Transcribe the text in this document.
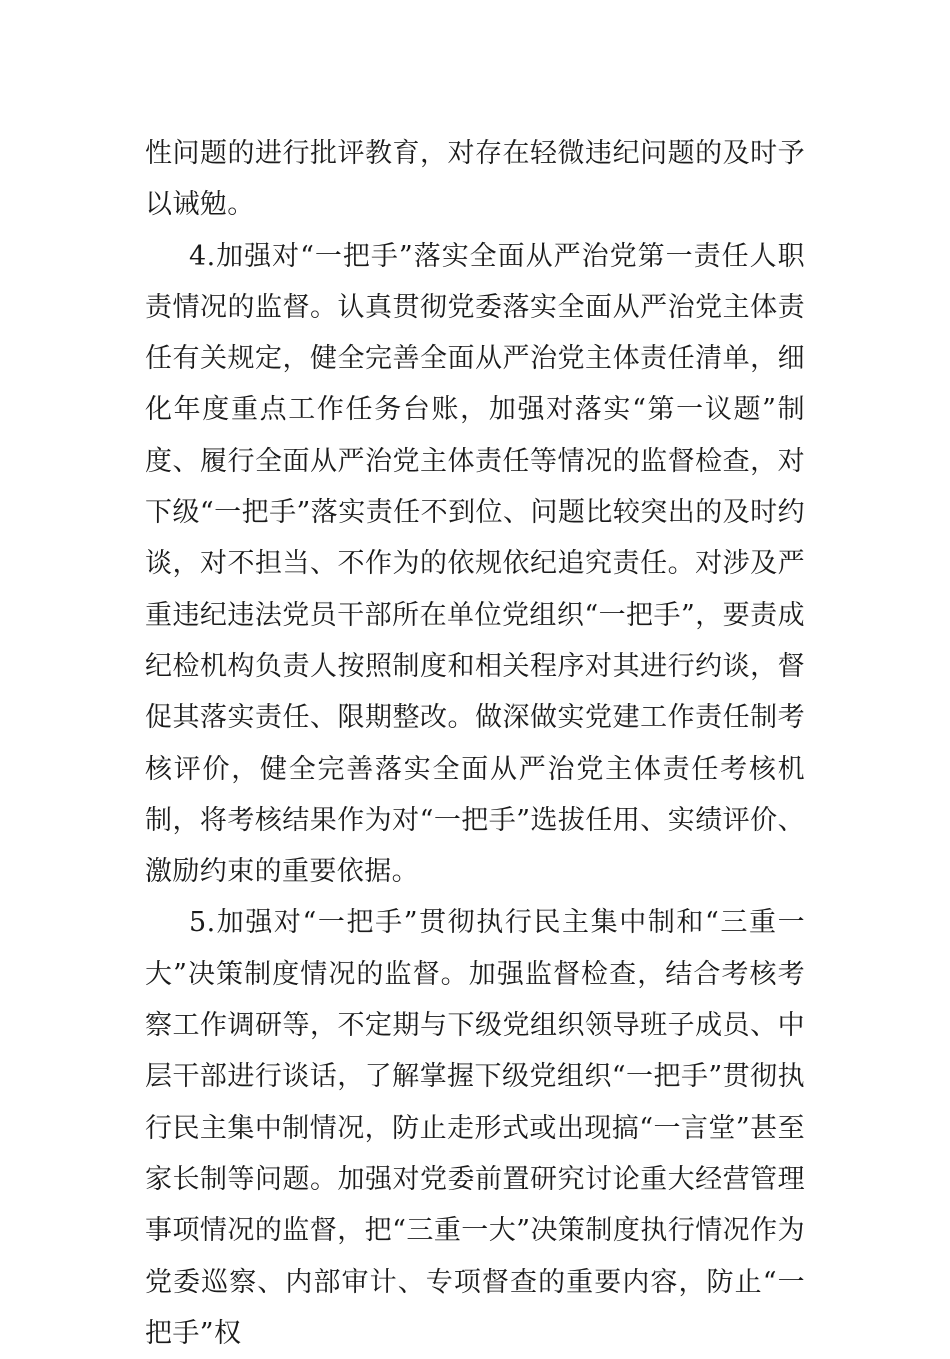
性问题的进行批评教育，对存在轻微违纪问题的及时予以诫勉。

4.加强对“一把手”落实全面从严治党第一责任人职责情况的监督。认真贯彻党委落实全面从严治党主体责任有关规定，健全完善全面从严治党主体责任清单，细化年度重点工作任务台账，加强对落实“第一议题”制度、履行全面从严治党主体责任等情况的监督检查，对下级“一把手”落实责任不到位、问题比较突出的及时约谈，对不担当、不作为的依规依纪追究责任。对涉及严重违纪违法党员干部所在单位党组织“一把手”，要责成纪检机构负责人按照制度和相关程序对其进行约谈，督促其落实责任、限期整改。做深做实党建工作责任制考核评价，健全完善落实全面从严治党主体责任考核机制，将考核结果作为对“一把手”选拔任用、实绩评价、激励约束的重要依据。

5.加强对“一把手”贯彻执行民主集中制和“三重一大”决策制度情况的监督。加强监督检查，结合考核考察工作调研等，不定期与下级党组织领导班子成员、中层干部进行谈话，了解掌握下级党组织“一把手”贯彻执行民主集中制情况，防止走形式或出现搞“一言堂”甚至家长制等问题。加强对党委前置研究讨论重大经营管理事项情况的监督，把“三重一大”决策制度执行情况作为党委巡察、内部审计、专项督查的重要内容，防止“一把手”权
